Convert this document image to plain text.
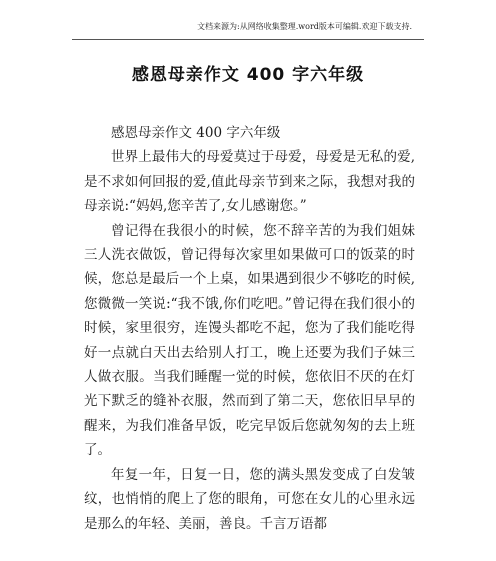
文档来源为:从网络收集整理.word版本可编辑.欢迎下载支持.
感恩母亲作文 400 字六年级

感恩母亲作文 400 字六年级

世界上最伟大的母爱莫过于母爱，母爱是无私的爱,是不求如何回报的爱,值此母亲节到来之际，我想对我的母亲说:“妈妈,您辛苦了,女儿感谢您。”

曾记得在我很小的时候，您不辞辛苦的为我们姐妹三人洗衣做饭，曾记得每次家里如果做可口的饭菜的时候，您总是最后一个上桌，如果遇到很少不够吃的时候,您微微一笑说:“我不饿,你们吃吧。”曾记得在我们很小的时候，家里很穷，连馒头都吃不起，您为了我们能吃得好一点就白天出去给别人打工，晚上还要为我们子妹三人做衣服。当我们睡醒一觉的时候，您依旧不厌的在灯光下默乏的缝补衣服，然而到了第二天，您依旧早早的醒来，为我们准备早饭，吃完早饭后您就匆匆的去上班了。

年复一年，日复一日，您的满头黑发变成了白发皱纹，也悄悄的爬上了您的眼角，可您在女儿的心里永远是那么的年轻、美丽，善良。千言万语都
